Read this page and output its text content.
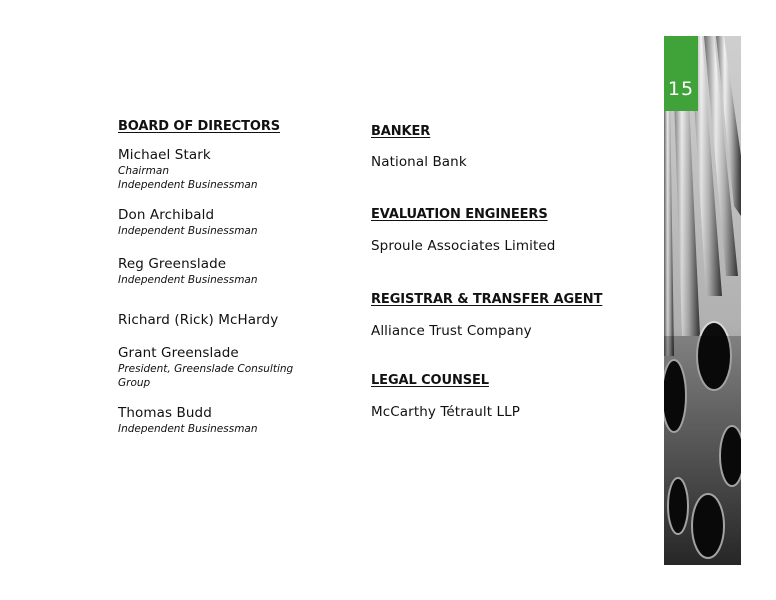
BOARD OF DIRECTORS
Michael Stark
Chairman
Independent Businessman
Don Archibald
Independent Businessman
Reg Greenslade
Independent Businessman
Richard (Rick) McHardy
Grant Greenslade
President, Greenslade Consulting
Group
Thomas Budd
Independent Businessman
BANKER
National Bank
EVALUATION ENGINEERS
Sproule Associates Limited
REGISTRAR & TRANSFER AGENT
Alliance Trust Company
LEGAL COUNSEL
McCarthy Tétrault LLP
15
